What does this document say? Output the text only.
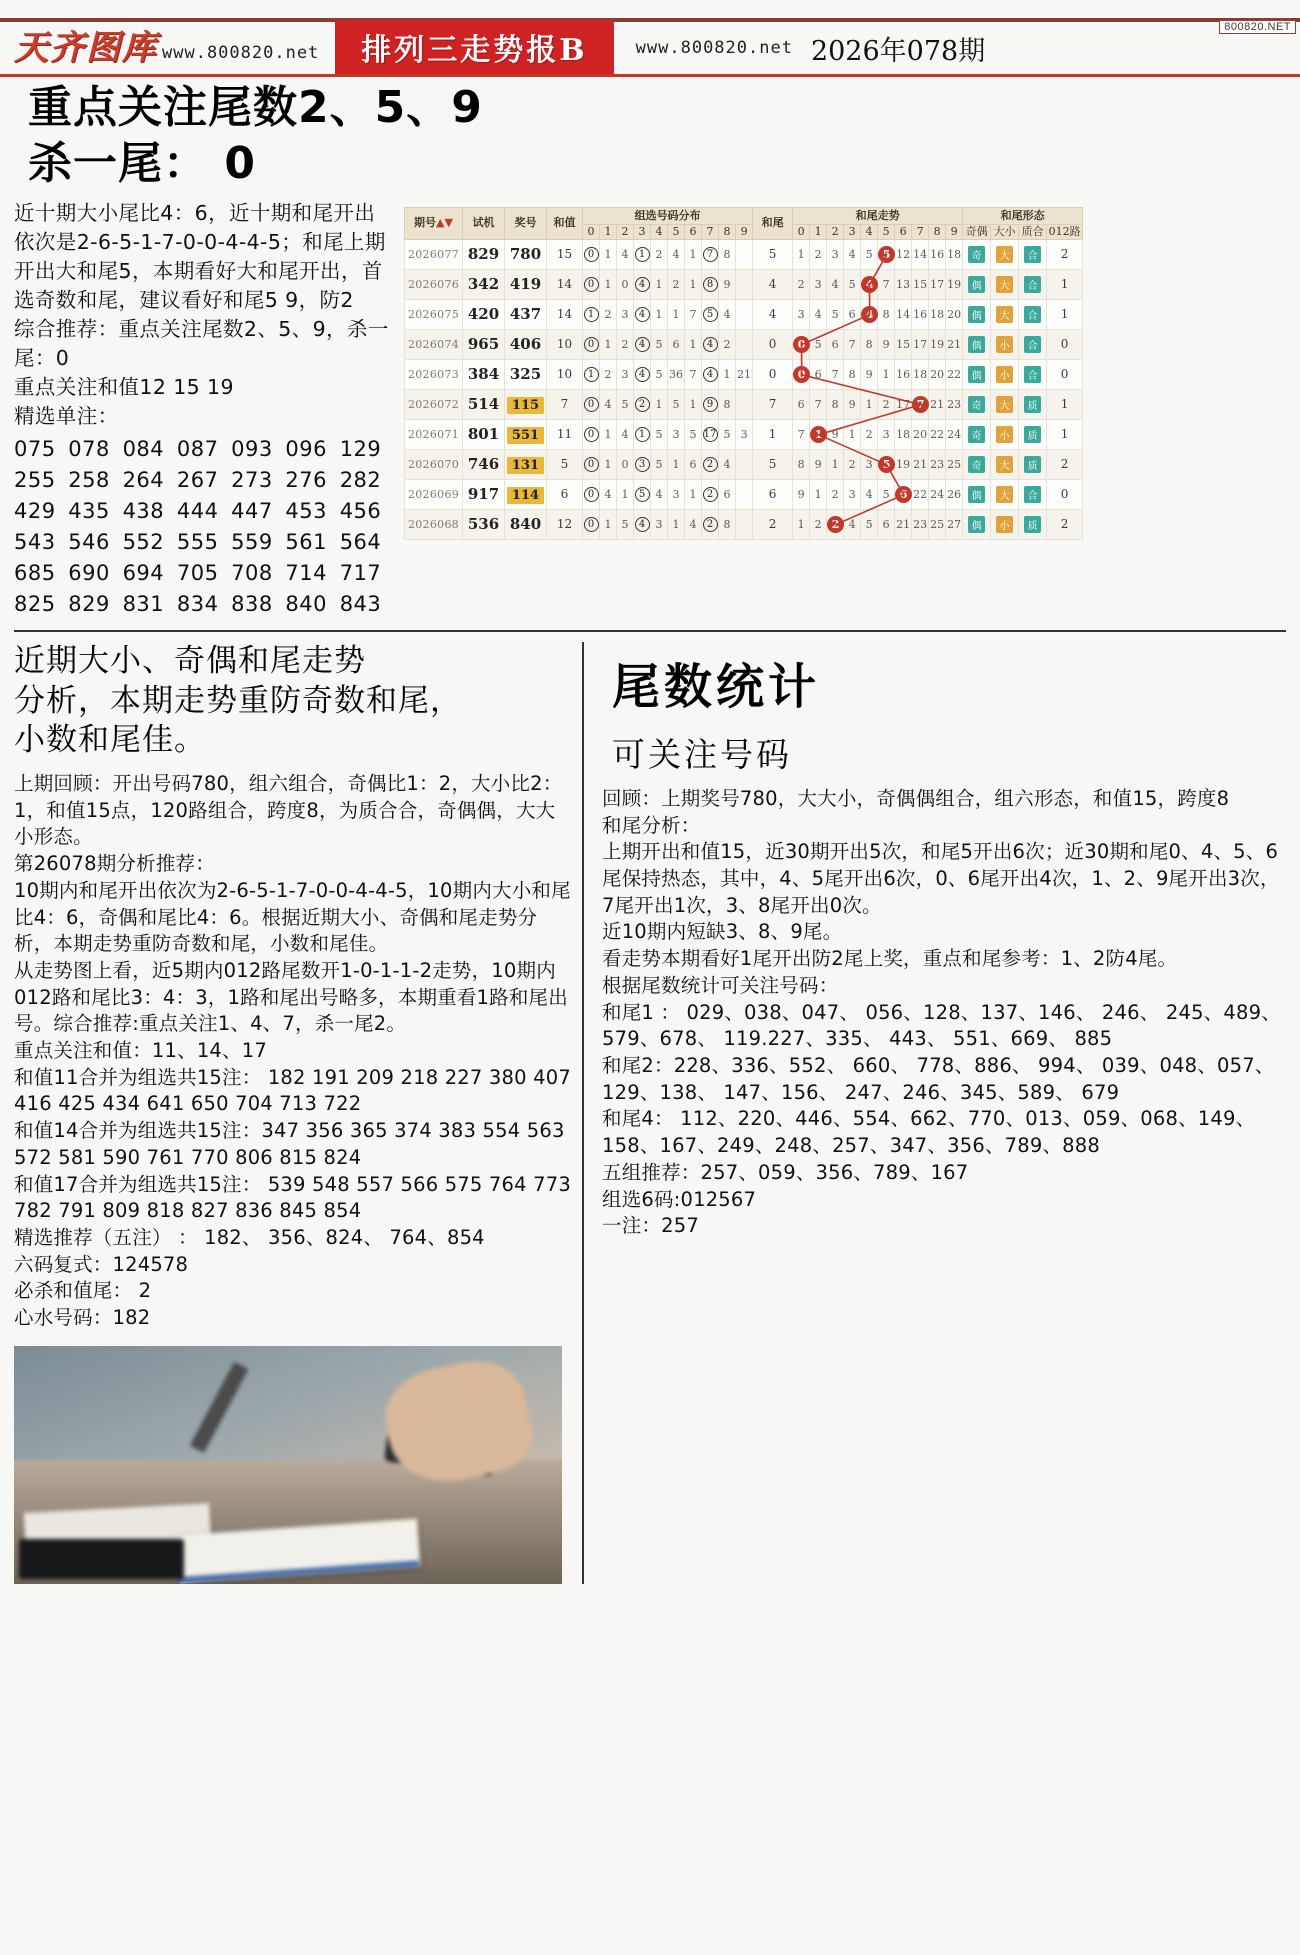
800820.NET
天齐图库 www.800820.net	排列三走势报B	www.800820.net 2026年078期
重点关注尾数2、5、9
杀一尾： 0
近十期大小尾比4：6，近十期和尾开出依次是2-6-5-1-7-0-0-4-4-5；和尾上期开出大和尾5，本期看好大和尾开出，首选奇数和尾，建议看好和尾5 9，防2
综合推荐：重点关注尾数2、5、9，杀一尾：0
重点关注和值12 15 19
精选单注：
075 078 084 087 093 096 129
255 258 264 267 273 276 282
429 435 438 444 447 453 456
543 546 552 555 559 561 564
685 690 694 705 708 714 717
825 829 831 834 838 840 843
期号▲▼	试机	奖号	和值	组选号码分布										和尾	和尾走势										和尾形态			
				0	1	2	3	4	5	6	7	8	9		0	1	2	3	4	5	6	7	8	9	奇偶	大小	质合	012路
2026077	829	780	15	0	1	4	1	2	4	1	7	8		5	1	2	3	4	5	5	12	14	16	18	奇	大	合	2
2026076	342	419	14	0	1	0	4	1	2	1	8	9		4	2	3	4	5	4	7	13	15	17	19	偶	大	合	1
2026075	420	437	14	1	2	3	4	1	1	7	5	4		4	3	4	5	6	4	8	14	16	18	20	偶	大	合	1
2026074	965	406	10	0	1	2	4	5	6	1	4	2		0	0	5	6	7	8	9	15	17	19	21	偶	小	合	0
2026073	384	325	10	1	2	3	4	5	36	7	4	1	21	0	0	6	7	8	9	1	16	18	20	22	偶	小	合	0
2026072	514	115	7	0	4	5	2	1	5	1	9	8		7	6	7	8	9	1	2	17	7	21	23	奇	大	质	1
2026071	801	551	11	0	1	4	1	5	3	5	17	5	3	1	7	1	9	1	2	3	18	20	22	24	奇	小	质	1
2026070	746	131	5	0	1	0	3	5	1	6	2	4		5	8	9	1	2	3	5	19	21	23	25	奇	大	质	2
2026069	917	114	6	0	4	1	5	4	3	1	2	6		6	9	1	2	3	4	5	6	22	24	26	偶	大	合	0
2026068	536	840	12	0	1	5	4	3	1	4	2	8		2	1	2	2	4	5	6	21	23	25	27	偶	小	质	2
近期大小、奇偶和尾走势
分析，本期走势重防奇数和尾，
小数和尾佳。
上期回顾：开出号码780，组六组合，奇偶比1：2，大小比2：1，和值15点，120路组合，跨度8，为质合合，奇偶偶，大大小形态。
第26078期分析推荐：
10期内和尾开出依次为2-6-5-1-7-0-0-4-4-5，10期内大小和尾比4：6，奇偶和尾比4：6。根据近期大小、奇偶和尾走势分析，本期走势重防奇数和尾，小数和尾佳。
从走势图上看，近5期内012路尾数开1-0-1-1-2走势，10期内012路和尾比3：4：3，1路和尾出号略多，本期重看1路和尾出号。综合推荐:重点关注1、4、7，杀一尾2。
重点关注和值：11、14、17
和值11合并为组选共15注： 182 191 209 218 227 380 407 416 425 434 641 650 704 713 722
和值14合并为组选共15注：347 356 365 374 383 554 563 572 581 590 761 770 806 815 824
和值17合并为组选共15注： 539 548 557 566 575 764 773 782 791 809 818 827 836 845 854
精选推荐（五注） ： 182、 356、824、 764、854
六码复式：124578
必杀和值尾： 2
心水号码：182
尾数统计
可关注号码
回顾：上期奖号780，大大小，奇偶偶组合，组六形态，和值15，跨度8
和尾分析：
上期开出和值15，近30期开出5次，和尾5开出6次；近30期和尾0、4、5、6尾保持热态，其中，4、5尾开出6次，0、6尾开出4次，1、2、9尾开出3次，7尾开出1次，3、8尾开出0次。
近10期内短缺3、8、9尾。
看走势本期看好1尾开出防2尾上奖，重点和尾参考：1、2防4尾。
根据尾数统计可关注号码：
和尾1 ： 029、038、047、 056、128、137、146、 246、 245、489、579、678、 119.227、335、 443、 551、669、 885
和尾2：228、336、552、 660、 778、886、 994、 039、048、057、 129、138、 147、156、 247、246、345、589、 679
和尾4： 112、220、446、554、662、770、013、059、068、149、158、167、249、248、257、347、356、789、888
五组推荐：257、059、356、789、167
组选6码:012567
一注：257
